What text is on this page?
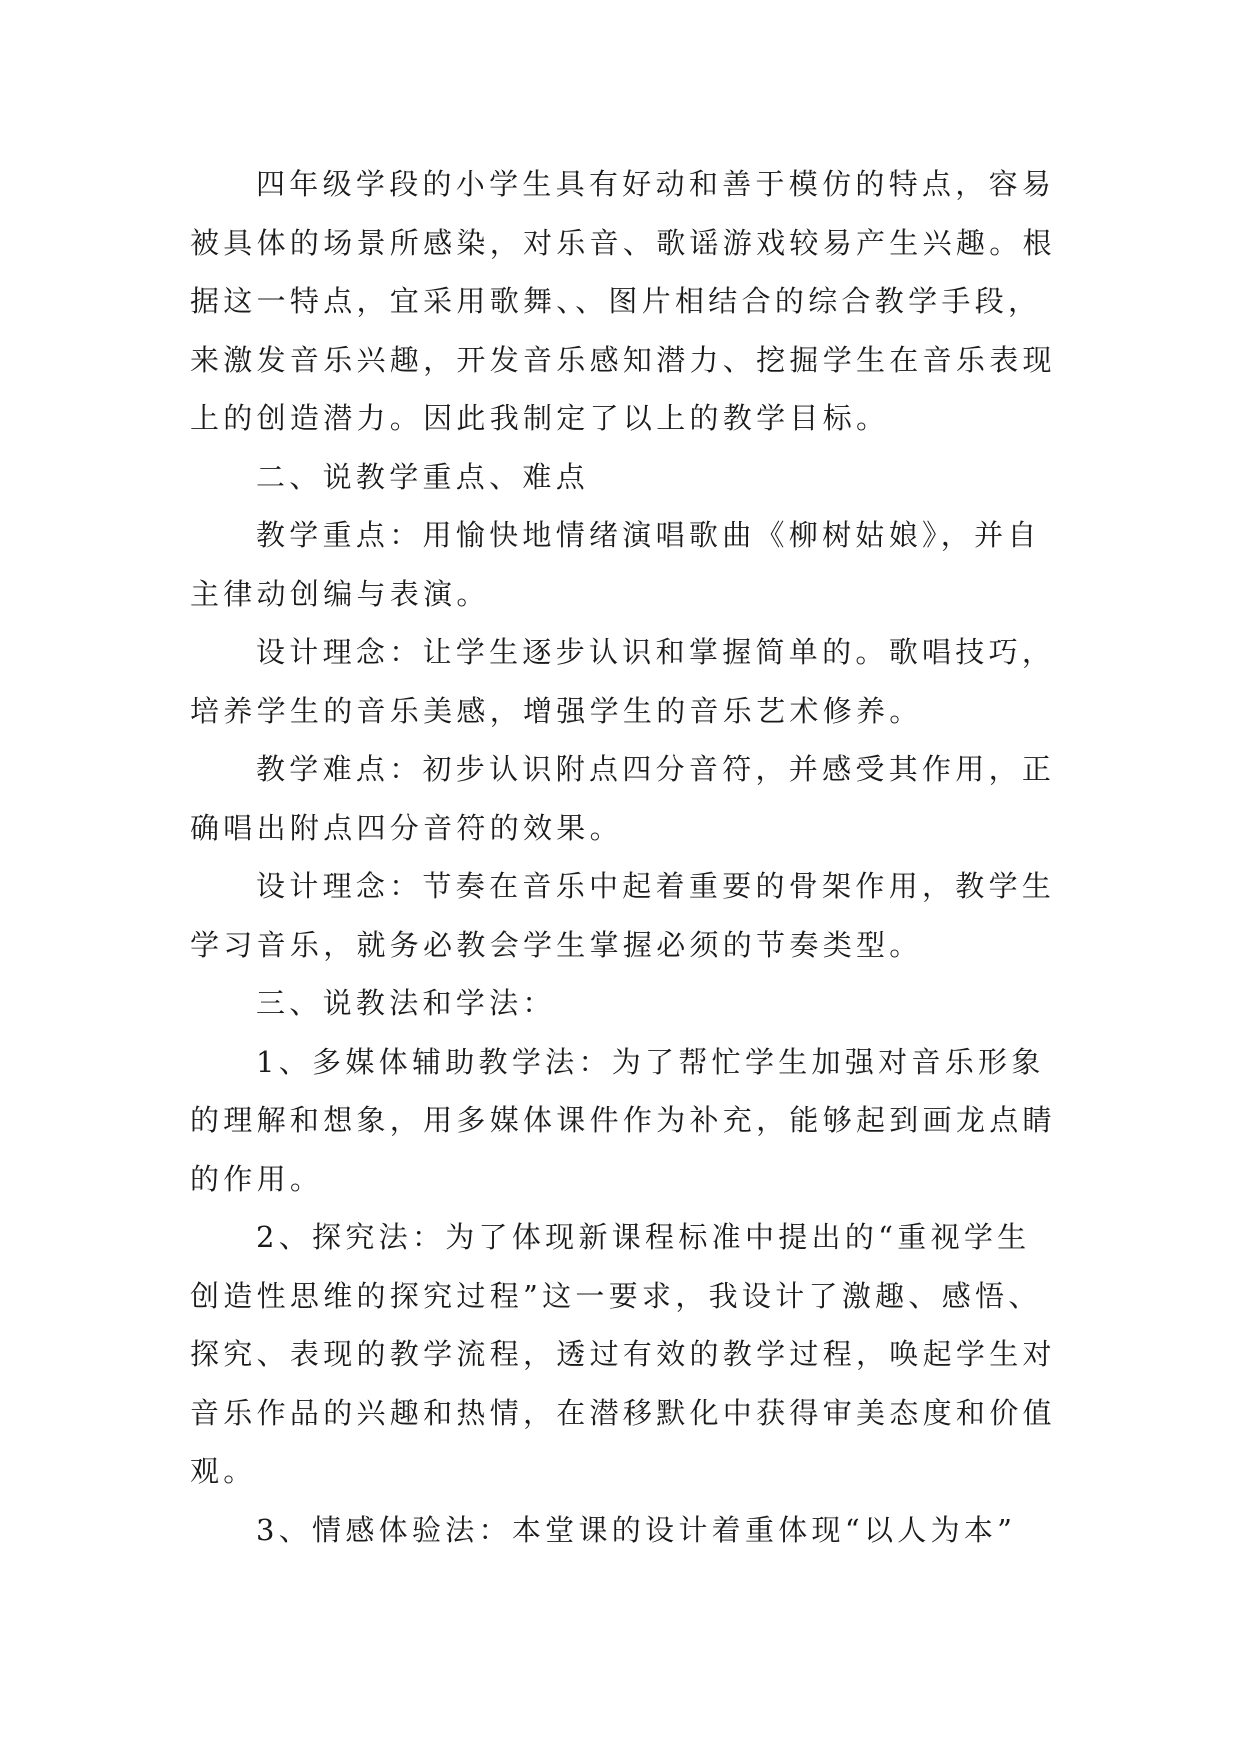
四年级学段的小学生具有好动和善于模仿的特点，容易
被具体的场景所感染，对乐音、歌谣游戏较易产生兴趣。根
据这一特点，宜采用歌舞、、图片相结合的综合教学手段，
来激发音乐兴趣，开发音乐感知潜力、挖掘学生在音乐表现
上的创造潜力。因此我制定了以上的教学目标。
二、说教学重点、难点
教学重点：用愉快地情绪演唱歌曲《柳树姑娘》，并自
主律动创编与表演。
设计理念：让学生逐步认识和掌握简单的。歌唱技巧，
培养学生的音乐美感，增强学生的音乐艺术修养。
教学难点：初步认识附点四分音符，并感受其作用，正
确唱出附点四分音符的效果。
设计理念：节奏在音乐中起着重要的骨架作用，教学生
学习音乐，就务必教会学生掌握必须的节奏类型。
三、说教法和学法：
1、多媒体辅助教学法：为了帮忙学生加强对音乐形象
的理解和想象，用多媒体课件作为补充，能够起到画龙点睛
的作用。
2、探究法：为了体现新课程标准中提出的“重视学生
创造性思维的探究过程”这一要求，我设计了激趣、感悟、
探究、表现的教学流程，透过有效的教学过程，唤起学生对
音乐作品的兴趣和热情，在潜移默化中获得审美态度和价值
观。
3、情感体验法：本堂课的设计着重体现“以人为本”
